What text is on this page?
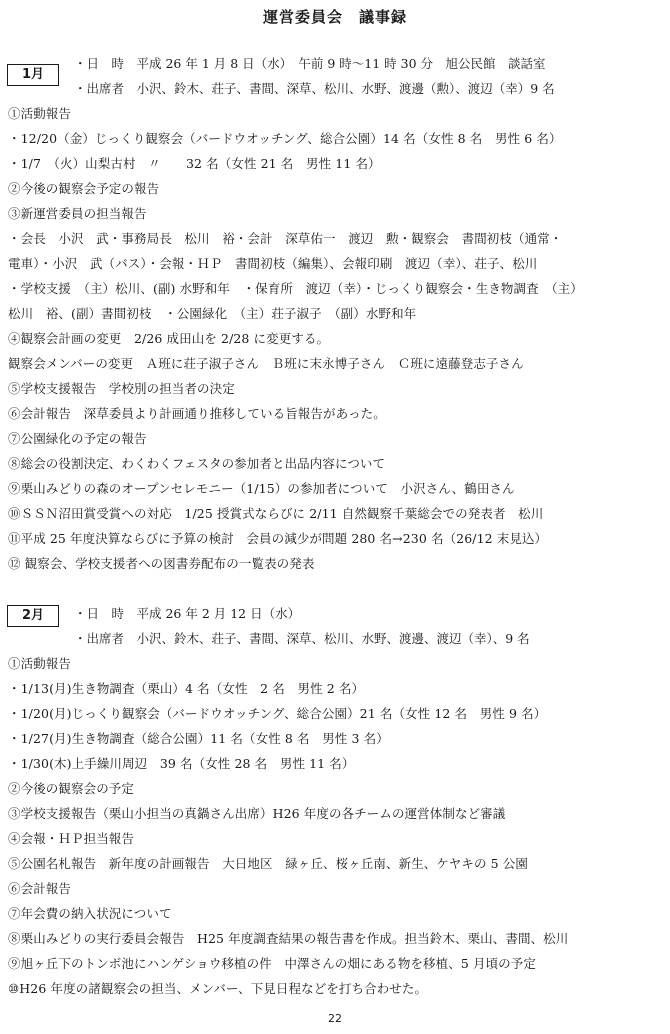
運営委員会　議事録
1月
・日　時　平成 26 年 1 月 8 日（水）　午前 9 時〜11 時 30 分　旭公民館　談話室
・出席者　小沢、鈴木、荘子、書間、深草、松川、水野、渡邊（勲）、渡辺（幸）9 名
①活動報告
・12/20（金）じっくり観察会（バードウオッチング、総合公園）14 名（女性 8 名　男性 6 名）
・1/7　（火）山梨古村　〃　　32 名（女性 21 名　男性 11 名）
②今後の観察会予定の報告
③新運営委員の担当報告
・会長　小沢　武・事務局長　松川　裕・会計　深草佑一　渡辺　勲・観察会　書間初枝（通常・
電車）・小沢　武（バス）・会報・ＨＰ　書間初枝（編集）、会報印刷　渡辺（幸）、荘子、松川
・学校支援　（主）松川、(副) 水野和年　・保育所　渡辺（幸）・じっくり観察会・生き物調査　（主）
松川　裕、(副）書間初枝　・公園緑化　（主）荘子淑子　（副）水野和年
④観察会計画の変更　2/26 成田山を 2/28 に変更する。
観察会メンバーの変更　Ａ班に荘子淑子さん　Ｂ班に末永博子さん　Ｃ班に遠藤登志子さん
⑤学校支援報告　学校別の担当者の決定
⑥会計報告　深草委員より計画通り推移している旨報告があった。
⑦公園緑化の予定の報告
⑧総会の役割決定、わくわくフェスタの参加者と出品内容について
⑨栗山みどりの森のオープンセレモニー（1/15）の参加者について　小沢さん、鶴田さん
⑩ＳＳＮ沼田賞受賞への対応　1/25 授賞式ならびに 2/11 自然観察千葉総会での発表者　松川
⑪平成 25 年度決算ならびに予算の検討　会員の減少が問題 280 名→230 名（26/12 末見込）
⑫ 観察会、学校支援者への図書券配布の一覧表の発表
2月	・日　時　平成 26 年 2 月 12 日（水）
・出席者　小沢、鈴木、荘子、書間、深草、松川、水野、渡邊、渡辺（幸）、9 名
①活動報告
・1/13(月)生き物調査（栗山）4 名（女性　2 名　男性 2 名）
・1/20(月)じっくり観察会（バードウオッチング、総合公園）21 名（女性 12 名　男性 9 名）
・1/27(月)生き物調査（総合公園）11 名（女性 8 名　男性 3 名）
・1/30(木)上手繰川周辺　39 名（女性 28 名　男性 11 名）
②今後の観察会の予定
③学校支援報告（栗山小担当の真鍋さん出席）H26 年度の各チームの運営体制など審議
④会報・ＨＰ担当報告
⑤公園名札報告　新年度の計画報告　大日地区　緑ヶ丘、桜ヶ丘南、新生、ケヤキの 5 公園
⑥会計報告
⑦年会費の納入状況について
⑧栗山みどりの実行委員会報告　H25 年度調査結果の報告書を作成。担当鈴木、栗山、書間、松川
⑨旭ヶ丘下のトンボ池にハンゲショウ移植の件　中澤さんの畑にある物を移植、5 月頃の予定
⑩H26 年度の諸観察会の担当、メンバー、下見日程などを打ち合わせた。
22
